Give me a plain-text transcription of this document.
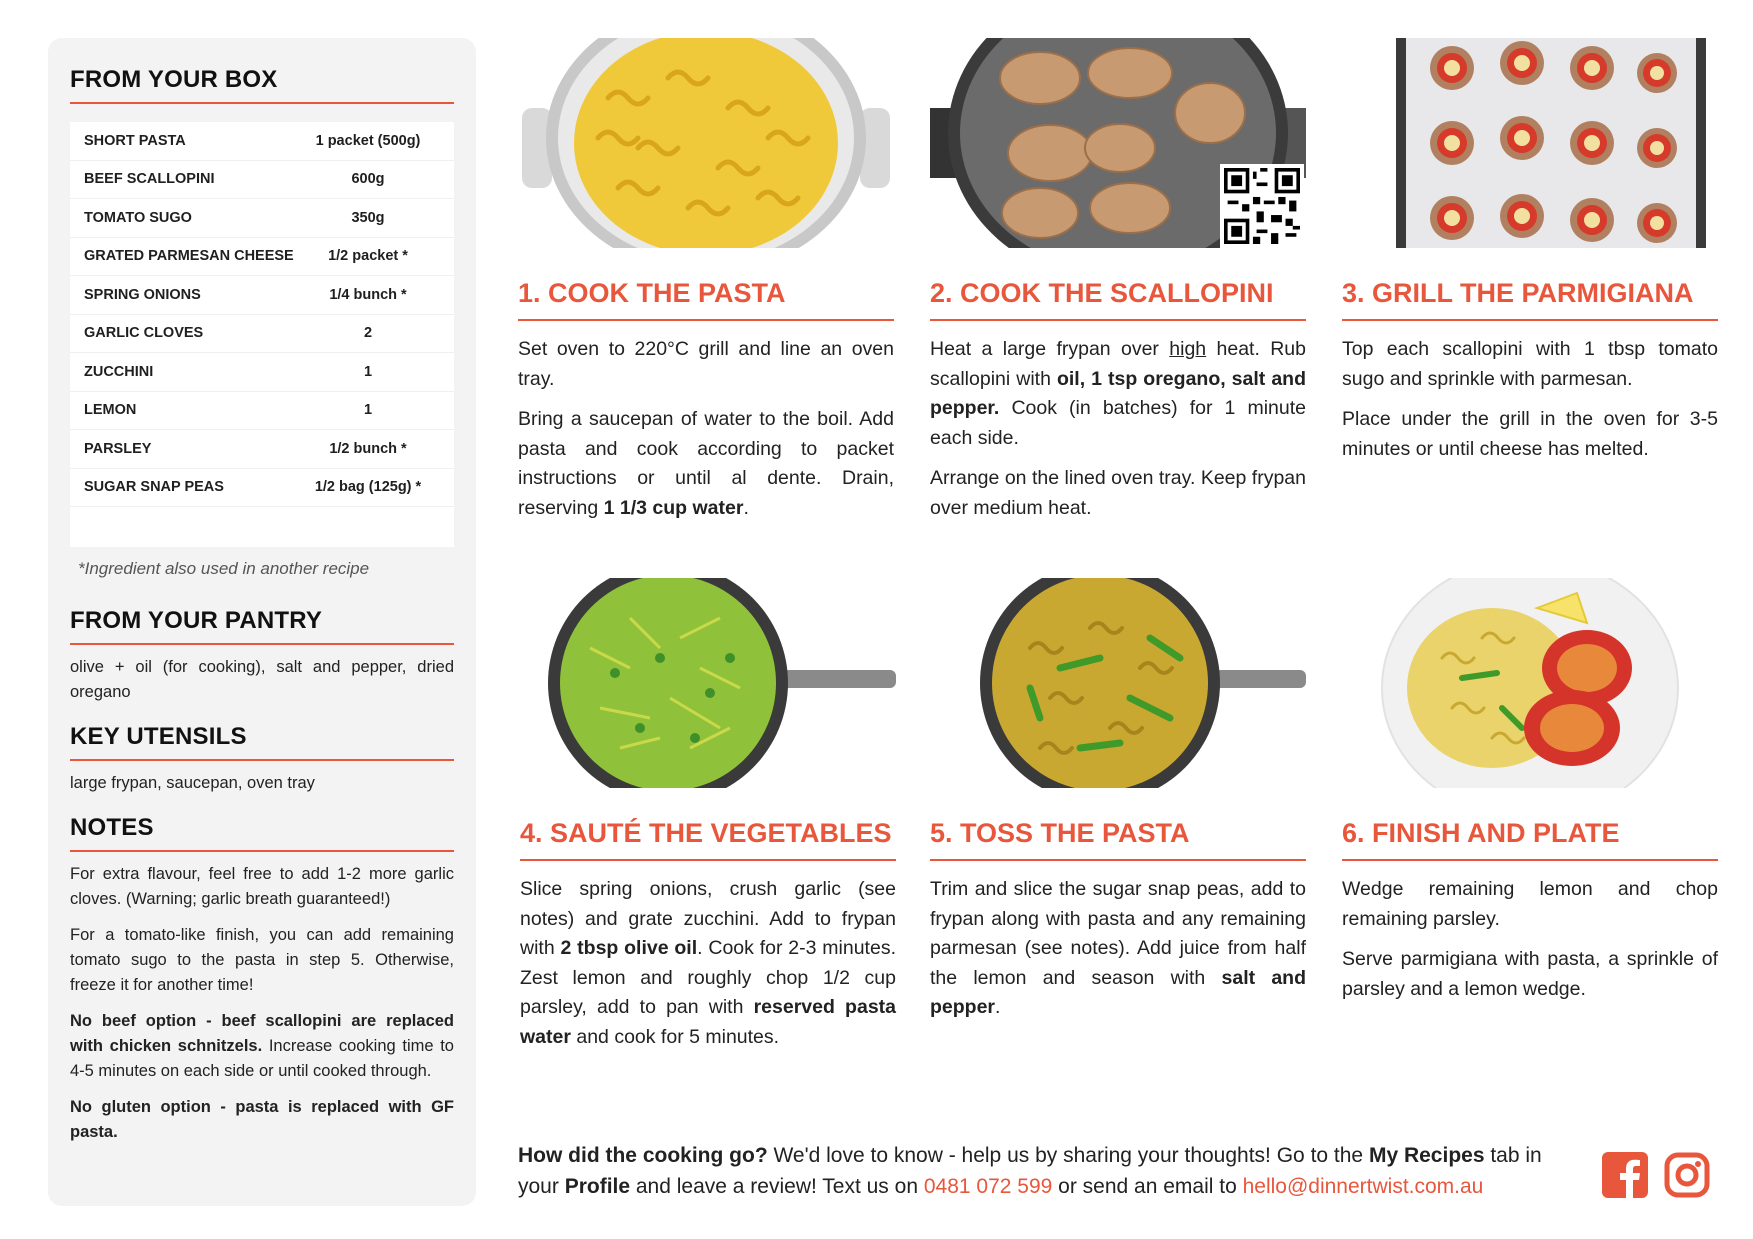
FROM YOUR BOX
SHORT PASTA	1 packet (500g)
BEEF SCALLOPINI	600g
TOMATO SUGO	350g
GRATED PARMESAN CHEESE	1/2 packet *
SPRING ONIONS	1/4 bunch *
GARLIC CLOVES	2
ZUCCHINI	1
LEMON	1
PARSLEY	1/2 bunch *
SUGAR SNAP PEAS	1/2 bag (125g) *
*Ingredient also used in another recipe
FROM YOUR PANTRY

olive + oil (for cooking), salt and pepper, dried oregano

KEY UTENSILS

large frypan, saucepan, oven tray

NOTES

For extra flavour, feel free to add 1-2 more garlic cloves. (Warning; garlic breath guaranteed!)

For a tomato-like finish, you can add remaining tomato sugo to the pasta in step 5. Otherwise, freeze it for another time!

No beef option - beef scallopini are replaced with chicken schnitzels. Increase cooking time to 4-5 minutes on each side or until cooked through.

No gluten option - pasta is replaced with GF pasta.

1. COOK THE PASTA

Set oven to 220°C grill and line an oven tray.

Bring a saucepan of water to the boil. Add pasta and cook according to packet instructions or until al dente. Drain, reserving 1 1/3 cup water.

2. COOK THE SCALLOPINI

Heat a large frypan over high heat. Rub scallopini with oil, 1 tsp oregano, salt and pepper. Cook (in batches) for 1 minute each side.

Arrange on the lined oven tray. Keep frypan over medium heat.

3. GRILL THE PARMIGIANA

Top each scallopini with 1 tbsp tomato sugo and sprinkle with parmesan.

Place under the grill in the oven for 3-5 minutes or until cheese has melted.

4. SAUTÉ THE VEGETABLES

Slice spring onions, crush garlic (see notes) and grate zucchini. Add to frypan with 2 tbsp olive oil. Cook for 2-3 minutes. Zest lemon and roughly chop 1/2 cup parsley, add to pan with reserved pasta water and cook for 5 minutes.

5. TOSS THE PASTA

Trim and slice the sugar snap peas, add to frypan along with pasta and any remaining parmesan (see notes). Add juice from half the lemon and season with salt and pepper.

6. FINISH AND PLATE

Wedge remaining lemon and chop remaining parsley.

Serve parmigiana with pasta, a sprinkle of parsley and a lemon wedge.

How did the cooking go? We'd love to know - help us by sharing your thoughts! Go to the My Recipes tab in your Profile and leave a review! Text us on 0481 072 599 or send an email to hello@dinnertwist.com.au
